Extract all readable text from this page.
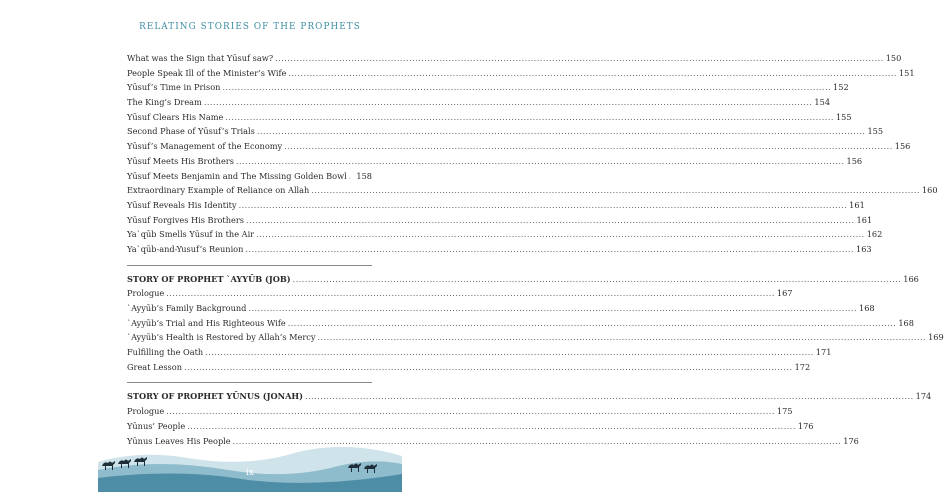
RELATING STORIES OF THE PROPHETS
What was the Sign that Yūsuf saw? ........................................................................................................................................................................................................ 150
People Speak Ill of the Minister’s Wife ........................................................................................................................................................................................................ 151
Yūsuf’s Time in Prison ........................................................................................................................................................................................................ 152
The King’s Dream ........................................................................................................................................................................................................ 154
Yūsuf Clears His Name ........................................................................................................................................................................................................ 155
Second Phase of Yūsuf’s Trials ........................................................................................................................................................................................................ 155
Yūsuf’s Management of the Economy ........................................................................................................................................................................................................ 156
Yūsuf Meets His Brothers ........................................................................................................................................................................................................ 156
Yūsuf Meets Benjamin and The Missing Golden Bowl	158
Extraordinary Example of Reliance on Allah ........................................................................................................................................................................................................ 160
Yūsuf Reveals His Identity ........................................................................................................................................................................................................ 161
Yūsuf Forgives His Brothers ........................................................................................................................................................................................................ 161
Ya`qūb Smells Yūsuf in the Air ........................................................................................................................................................................................................ 162
Ya`qūb-and-Yusuf’s Reunion ........................................................................................................................................................................................................ 163
STORY OF PROPHET `AYYŪB (JOB) ........................................................................................................................................................................................................ 166
Prologue ........................................................................................................................................................................................................ 167
`Ayyūb’s Family Background ........................................................................................................................................................................................................ 168
`Ayyūb’s Trial and His Righteous Wife ........................................................................................................................................................................................................ 168
`Ayyūb’s Health is Restored by Allah’s Mercy ........................................................................................................................................................................................................ 169
Fulfilling the Oath ........................................................................................................................................................................................................ 171
Great Lesson ........................................................................................................................................................................................................ 172
STORY OF PROPHET YŪNUS (JONAH) ........................................................................................................................................................................................................ 174
Prologue ........................................................................................................................................................................................................ 175
Yūnus’ People ........................................................................................................................................................................................................ 176
Yūnus Leaves His People ........................................................................................................................................................................................................ 176
ix
